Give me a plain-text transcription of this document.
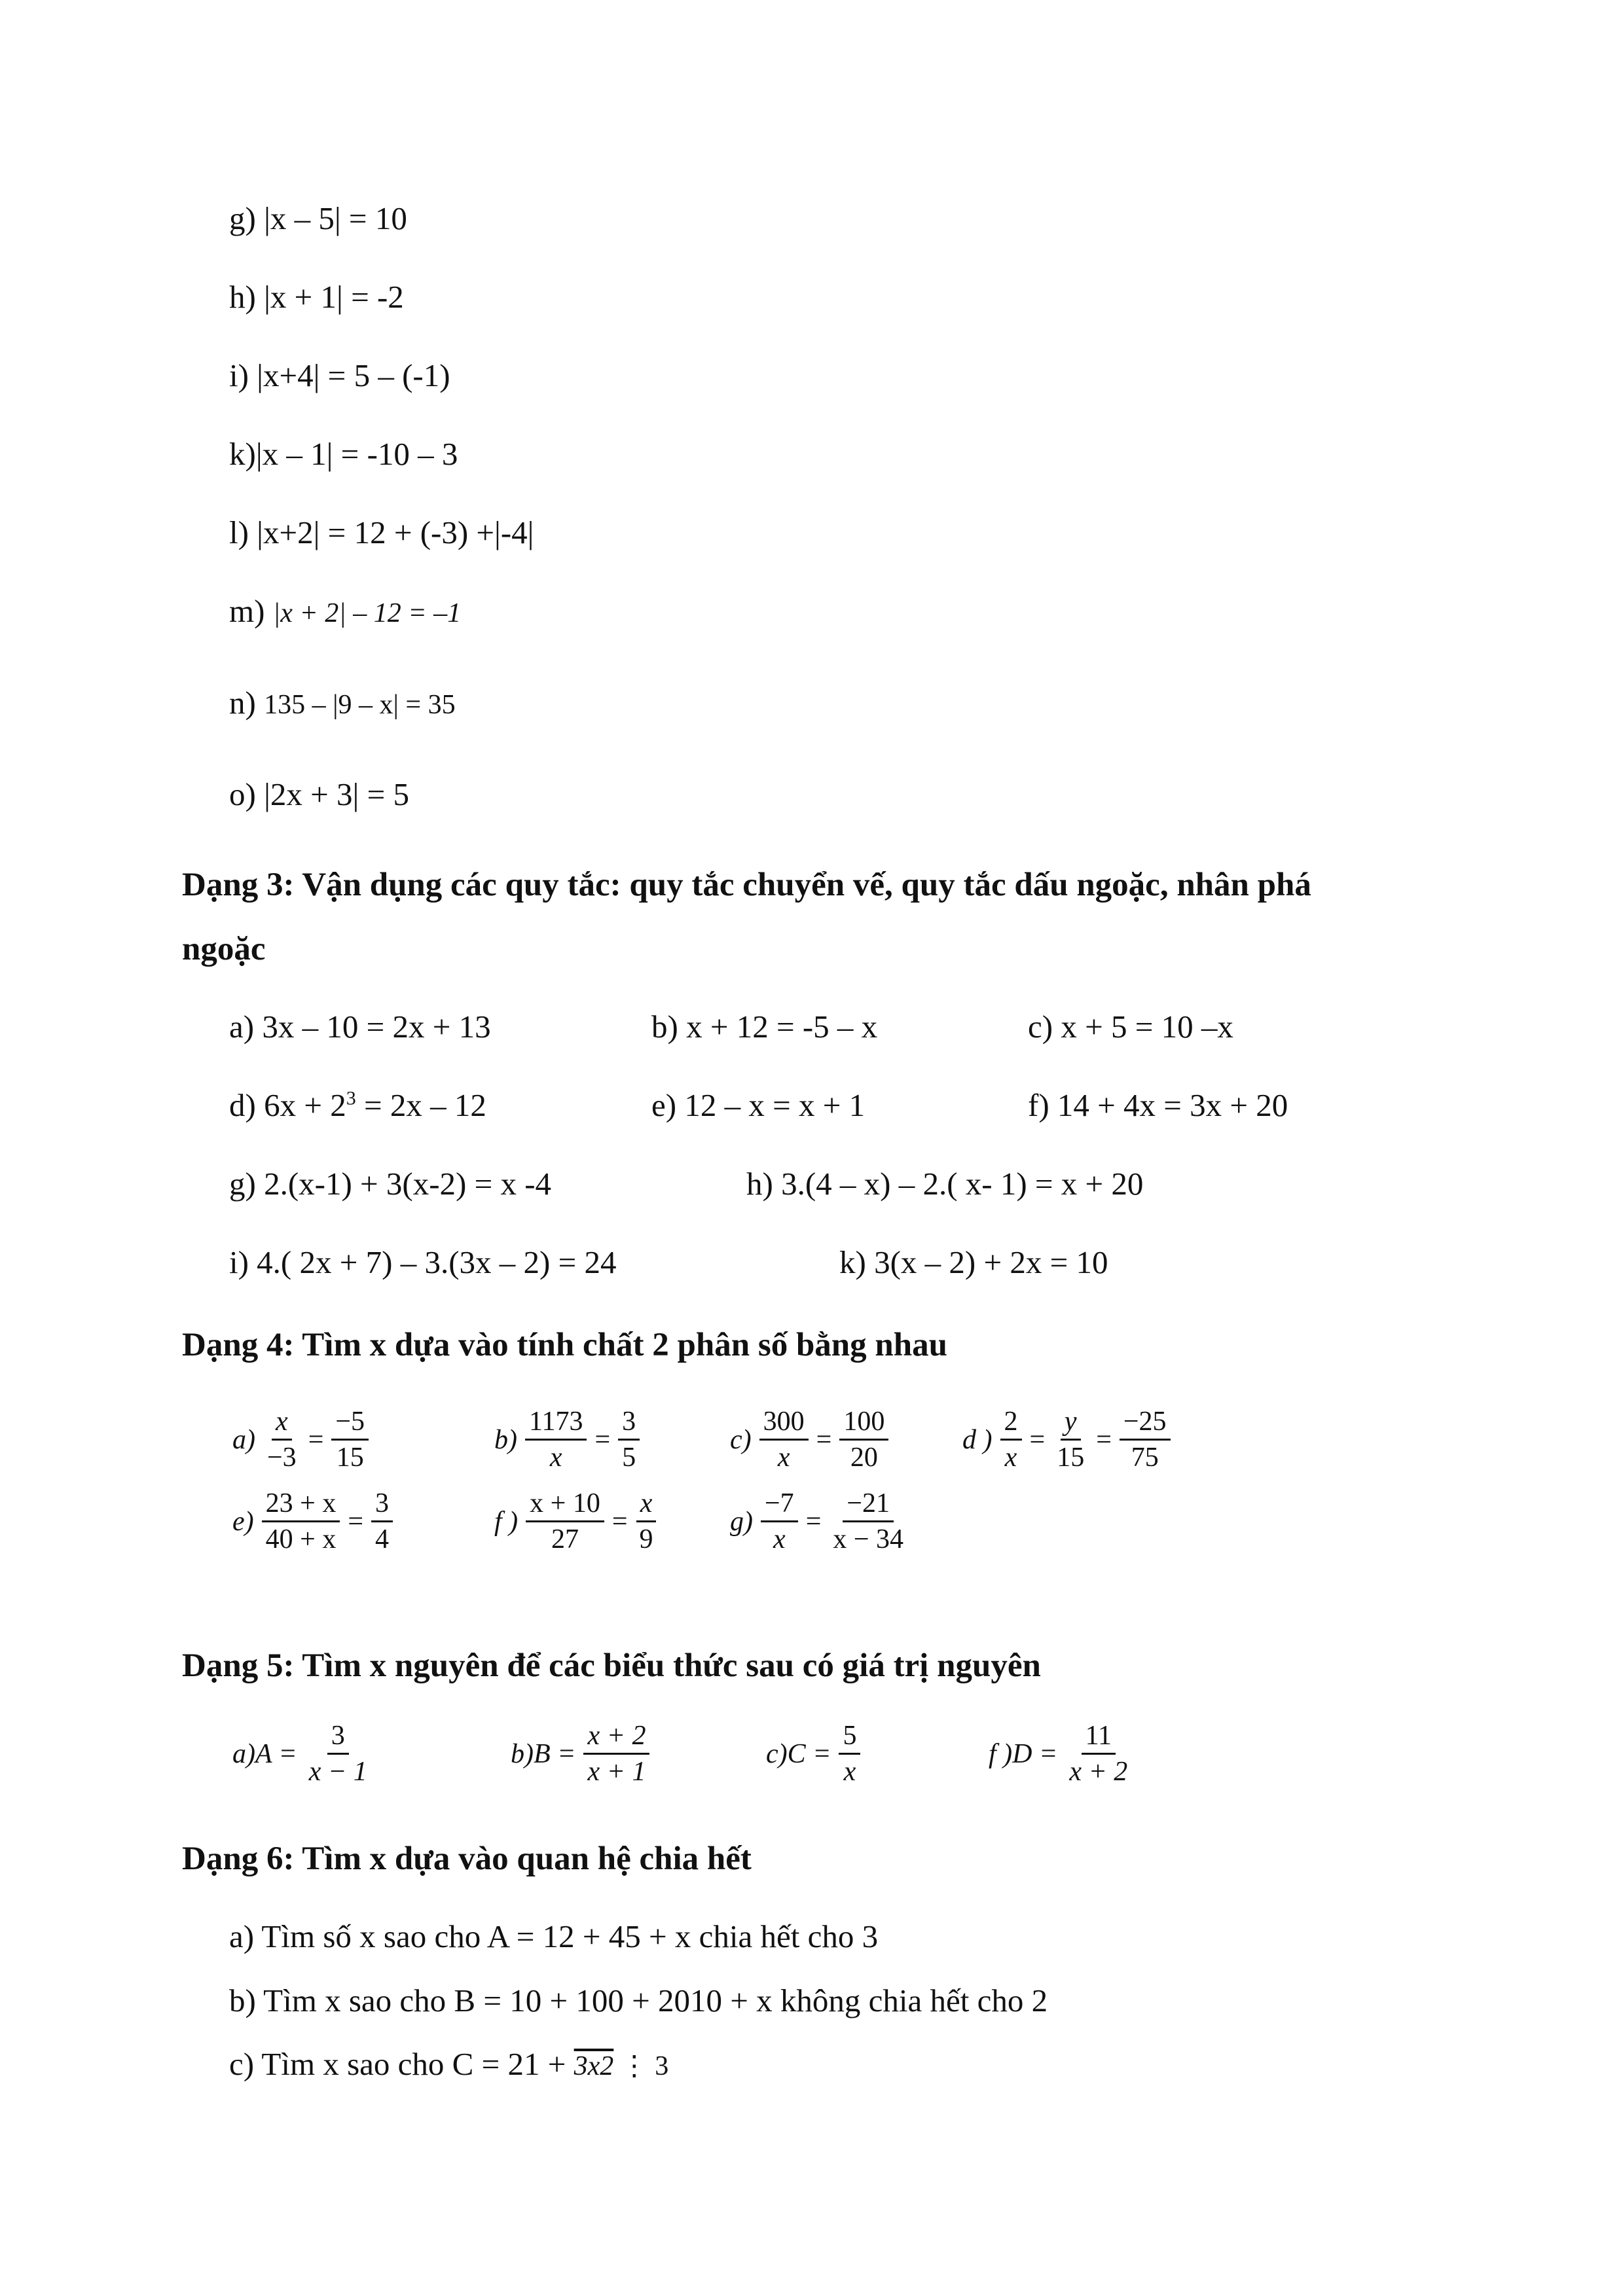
g) |x – 5| = 10
h) |x + 1| = -2
i) |x+4| = 5 – (-1)
k)|x – 1| = -10 – 3
l) |x+2| = 12 + (-3) +|-4|
m) |x + 2| – 12 = –1
n) 135 – |9 – x| = 35
o) |2x + 3| = 5
Dạng 3: Vận dụng các quy tắc: quy tắc chuyển vế, quy tắc dấu ngoặc, nhân phá
ngoặc
a) 3x – 10 = 2x + 13	b) x + 12 = -5 – x	c) x + 5 = 10 –x
d) $6x + 2^3 = 2x - 12$	e) 12 – x = x + 1	f) 14 + 4x = 3x + 20
g) 2.(x-1) + 3(x-2) = x -4	h) 3.(4 – x) – 2.( x- 1) = x + 20
i) 4.( 2x + 7) – 3.(3x – 2) = 24	k) 3(x – 2) + 2x = 10
Dạng 4: Tìm x dựa vào tính chất 2 phân số bằng nhau
$a) \frac{x}{-3} = \frac{-5}{15}$	$b) \frac{1173}{x} = \frac{3}{5}$	$c) \frac{300}{x} = \frac{100}{20}$	d ) $\frac{2}{x} = \frac{y}{15} = \frac{-25}{75}$
$e) \frac{23 + x}{40 + x} = \frac{3}{4}$	f ) $\frac{x + 10}{27} = \frac{x}{9}$	$g) \frac{-7}{x} = \frac{-21}{x - 34}$
Dạng 5: Tìm x nguyên để các biểu thức sau có giá trị nguyên
$a)A = \frac{3}{x - 1}$	$b)B = \frac{x + 2}{x + 1}$	$c)C = \frac{5}{x}$	f )$D = \frac{11}{x + 2}$
Dạng 6: Tìm x dựa vào quan hệ chia hết
a) Tìm số x sao cho A = 12 + 45 + x chia hết cho 3
b) Tìm x sao cho B = 10 + 100 + 2010 + x không chia hết cho 2
c) Tìm x sao cho C = 21 + 3x2 ⋮ 3
